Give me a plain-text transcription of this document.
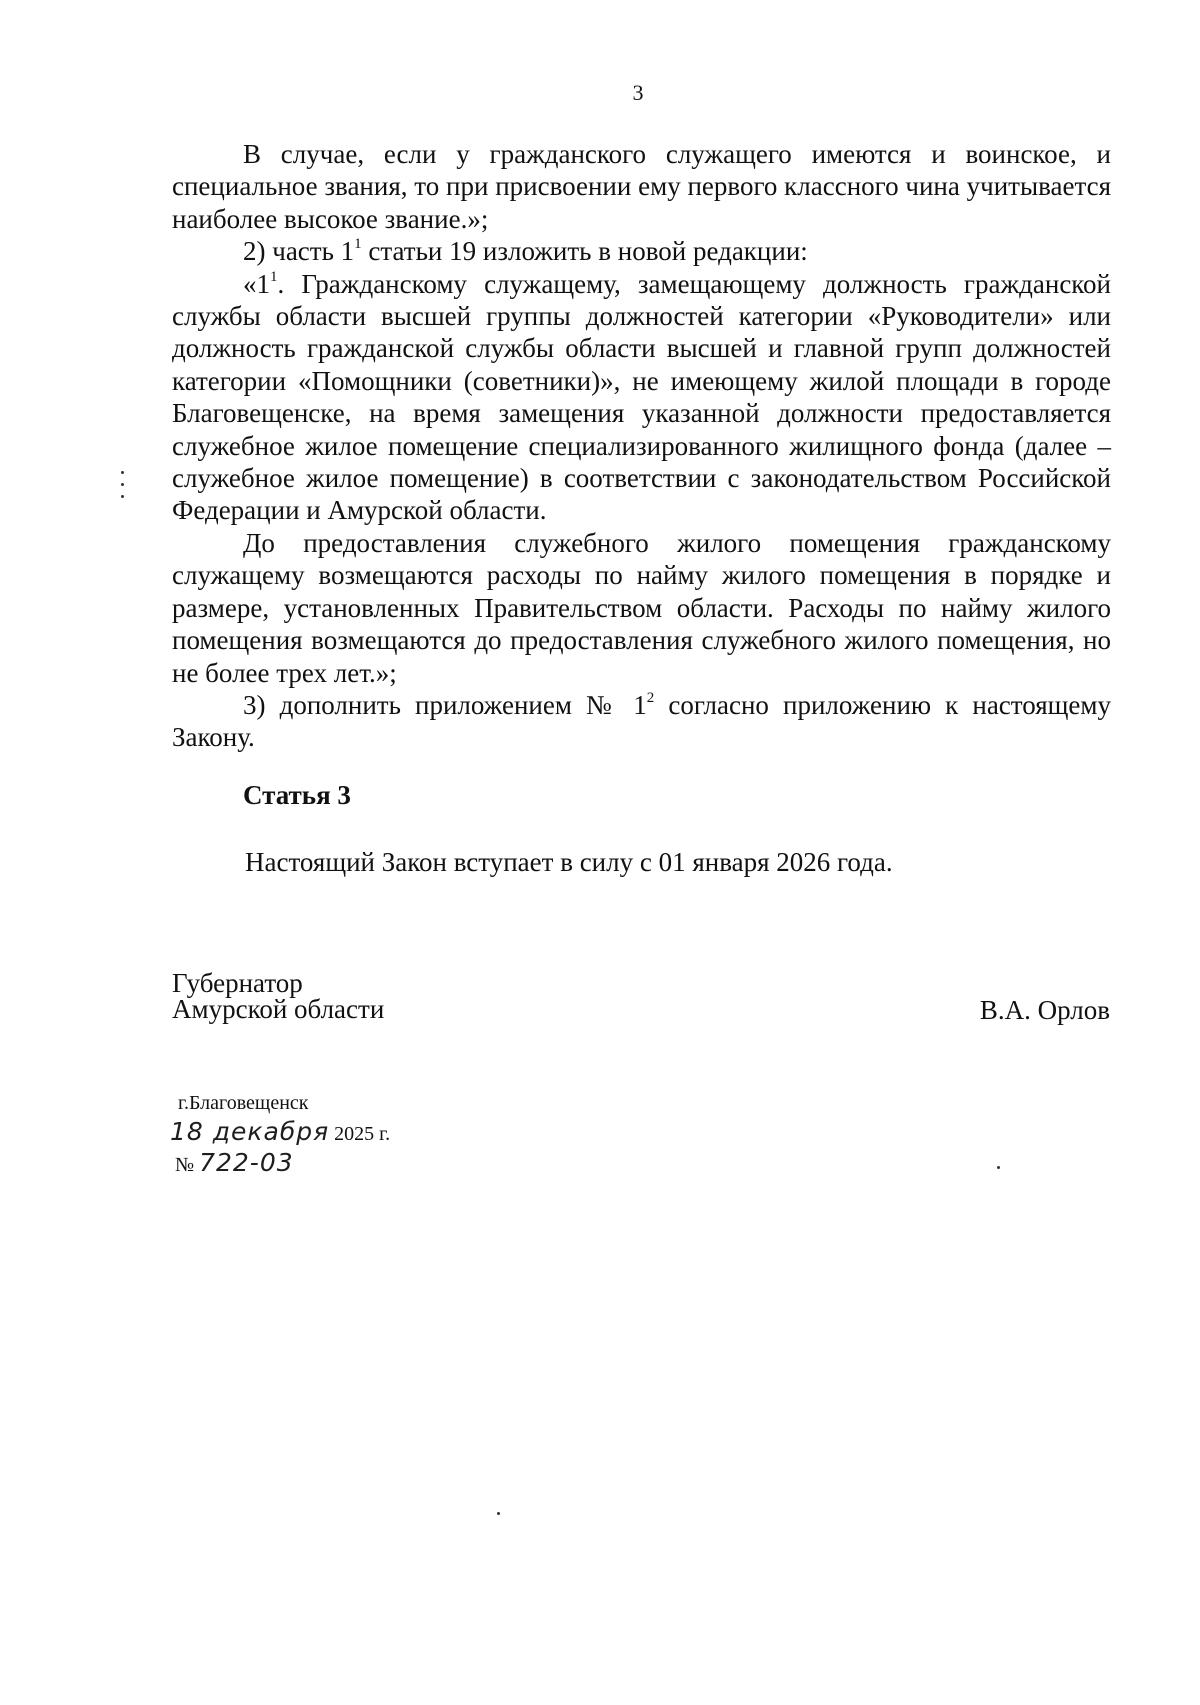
3

В случае, если у гражданского служащего имеются и воинское, и специальное звания, то при присвоении ему первого классного чина учитывается наиболее высокое звание.»;

2) часть $1^1$ статьи 19 изложить в новой редакции:

«$1^1$. Гражданскому служащему, замещающему должность гражданской службы области высшей группы должностей категории «Руководители» или должность гражданской службы области высшей и главной групп должностей категории «Помощники (советники)», не имеющему жилой площади в городе Благовещенске, на время замещения указанной должности предоставляется служебное жилое помещение специализированного жилищного фонда (далее – служебное жилое помещение) в соответствии с законодательством Российской Федерации и Амурской области.

До предоставления служебного жилого помещения гражданскому служащему возмещаются расходы по найму жилого помещения в порядке и размере, установленных Правительством области. Расходы по найму жилого помещения возмещаются до предоставления служебного жилого помещения, но не более трех лет.»;

3) дополнить приложением № $1^2$ согласно приложению к настоящему Закону.

Статья 3
Настоящий Закон вступает в силу с 01 января 2026 года.
Губернатор
Амурской области	В.А. Орлов
г.Благовещенск
18 декабря 2025 г.
№ 722-03
